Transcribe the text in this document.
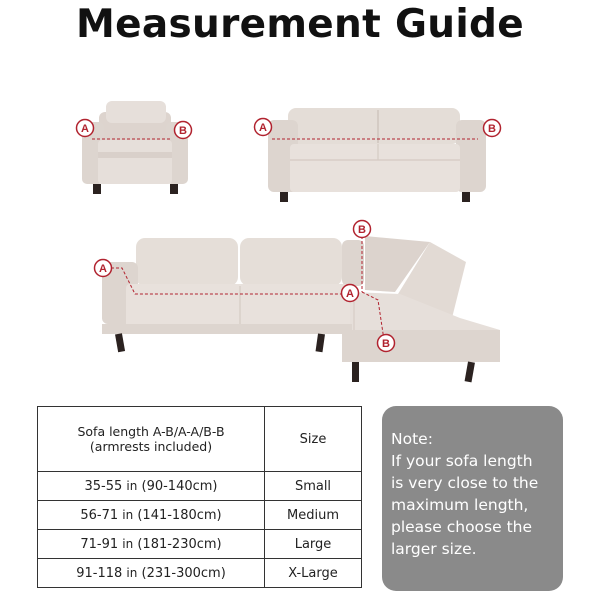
Measurement Guide
A	B	A	B
A
B
A
B
Sofa length A-B/A-A/B-B
(armrests included)	Size
35-55 in (90-140cm)	Small
56-71 in (141-180cm)	Medium
71-91 in (181-230cm)	Large
91-118 in (231-300cm)	X-Large
Note:
If your sofa length
is very close to the
maximum length,
please choose the
larger size.
